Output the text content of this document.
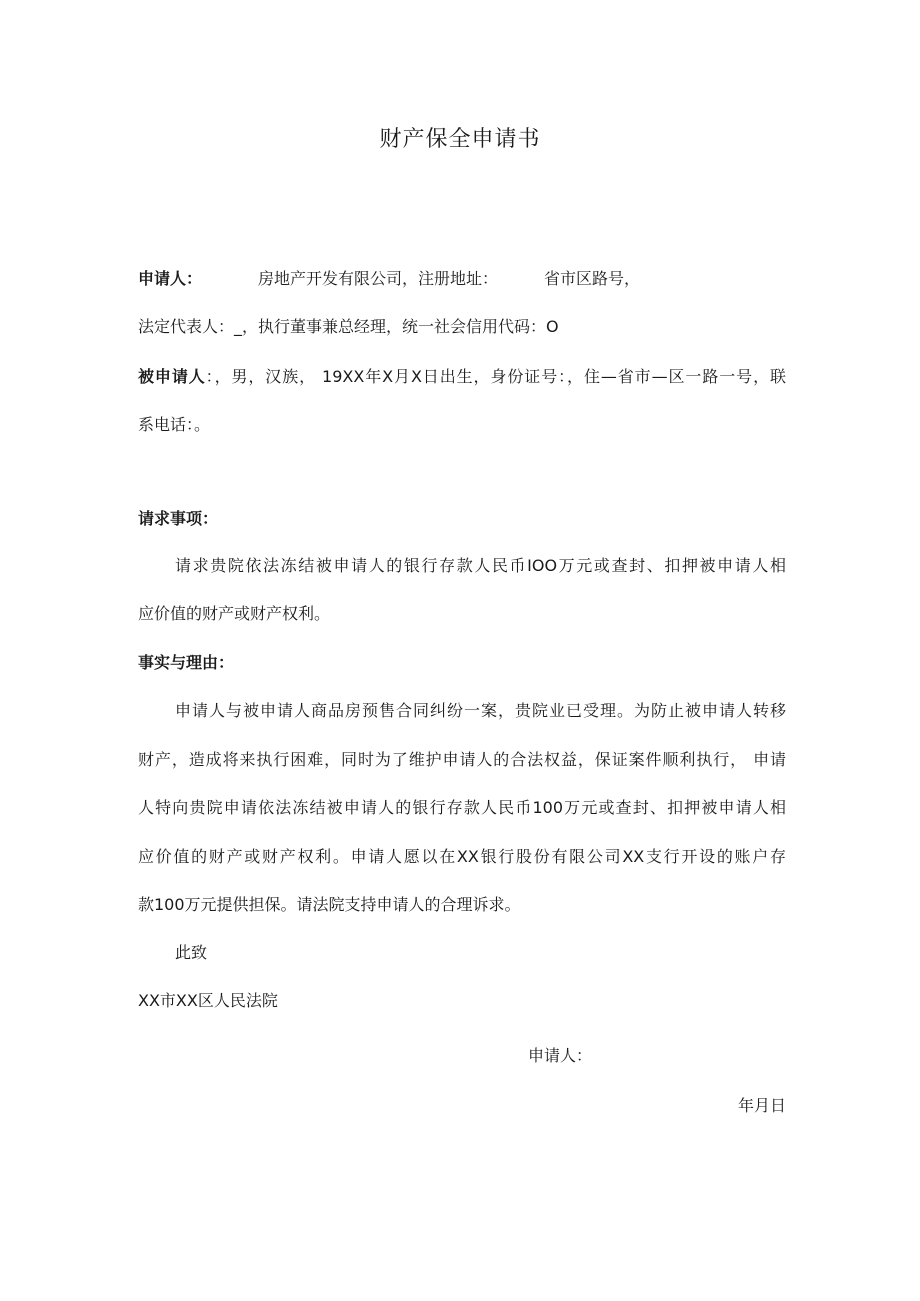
财产保全申请书
申请人：	房地产开发有限公司，注册地址：	省市区路号，
法定代表人：_，执行董事兼总经理，统一社会信用代码：O
被申请人：，男，汉族， 19XX年X月X日出生，身份证号：，住—省市—区一路一号，联
系电话：。
请求事项：
请求贵院依法冻结被申请人的银行存款人民币IOO万元或查封、扣押被申请人相
应价值的财产或财产权利。
事实与理由：
申请人与被申请人商品房预售合同纠纷一案，贵院业已受理。为防止被申请人转移
财产，造成将来执行困难，同时为了维护申请人的合法权益，保证案件顺利执行， 申请
人特向贵院申请依法冻结被申请人的银行存款人民币100万元或查封、扣押被申请人相
应价值的财产或财产权利。申请人愿以在XX银行股份有限公司XX支行开设的账户存
款100万元提供担保。请法院支持申请人的合理诉求。
此致
XX市XX区人民法院
申请人：
年月日
